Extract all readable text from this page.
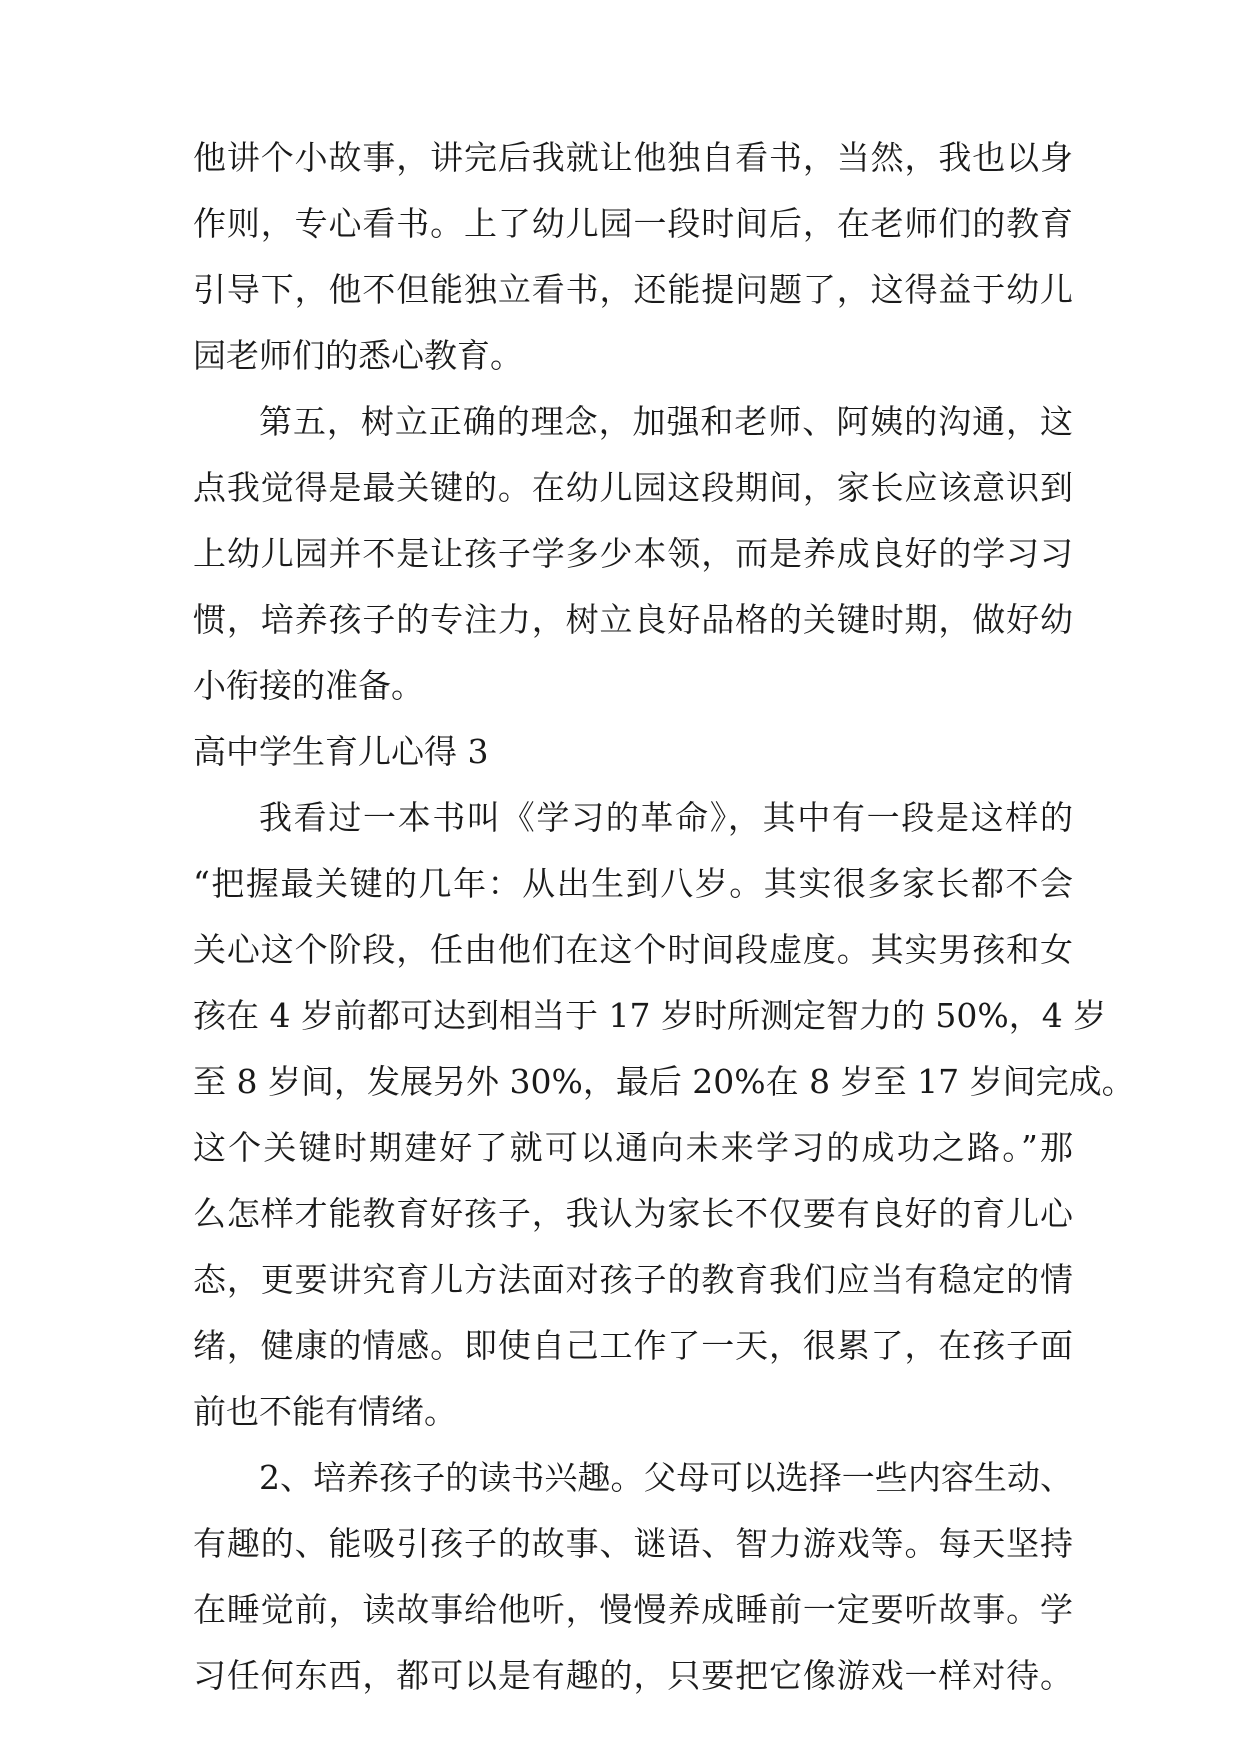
他讲个小故事，讲完后我就让他独自看书，当然，我也以身
作则，专心看书。上了幼儿园一段时间后，在老师们的教育
引导下，他不但能独立看书，还能提问题了，这得益于幼儿
园老师们的悉心教育。
第五，树立正确的理念，加强和老师、阿姨的沟通，这
点我觉得是最关键的。在幼儿园这段期间，家长应该意识到
上幼儿园并不是让孩子学多少本领，而是养成良好的学习习
惯，培养孩子的专注力，树立良好品格的关键时期，做好幼
小衔接的准备。
高中学生育儿心得 3
我看过一本书叫《学习的革命》，其中有一段是这样的
“把握最关键的几年：从出生到八岁。其实很多家长都不会
关心这个阶段，任由他们在这个时间段虚度。其实男孩和女
孩在 4 岁前都可达到相当于 17 岁时所测定智力的 50%，4 岁
至 8 岁间，发展另外 30%，最后 20%在 8 岁至 17 岁间完成。
这个关键时期建好了就可以通向未来学习的成功之路。”那
么怎样才能教育好孩子，我认为家长不仅要有良好的育儿心
态，更要讲究育儿方法面对孩子的教育我们应当有稳定的情
绪，健康的情感。即使自己工作了一天，很累了，在孩子面
前也不能有情绪。
2、培养孩子的读书兴趣。父母可以选择一些内容生动、
有趣的、能吸引孩子的故事、谜语、智力游戏等。每天坚持
在睡觉前，读故事给他听，慢慢养成睡前一定要听故事。学
习任何东西，都可以是有趣的，只要把它像游戏一样对待。
